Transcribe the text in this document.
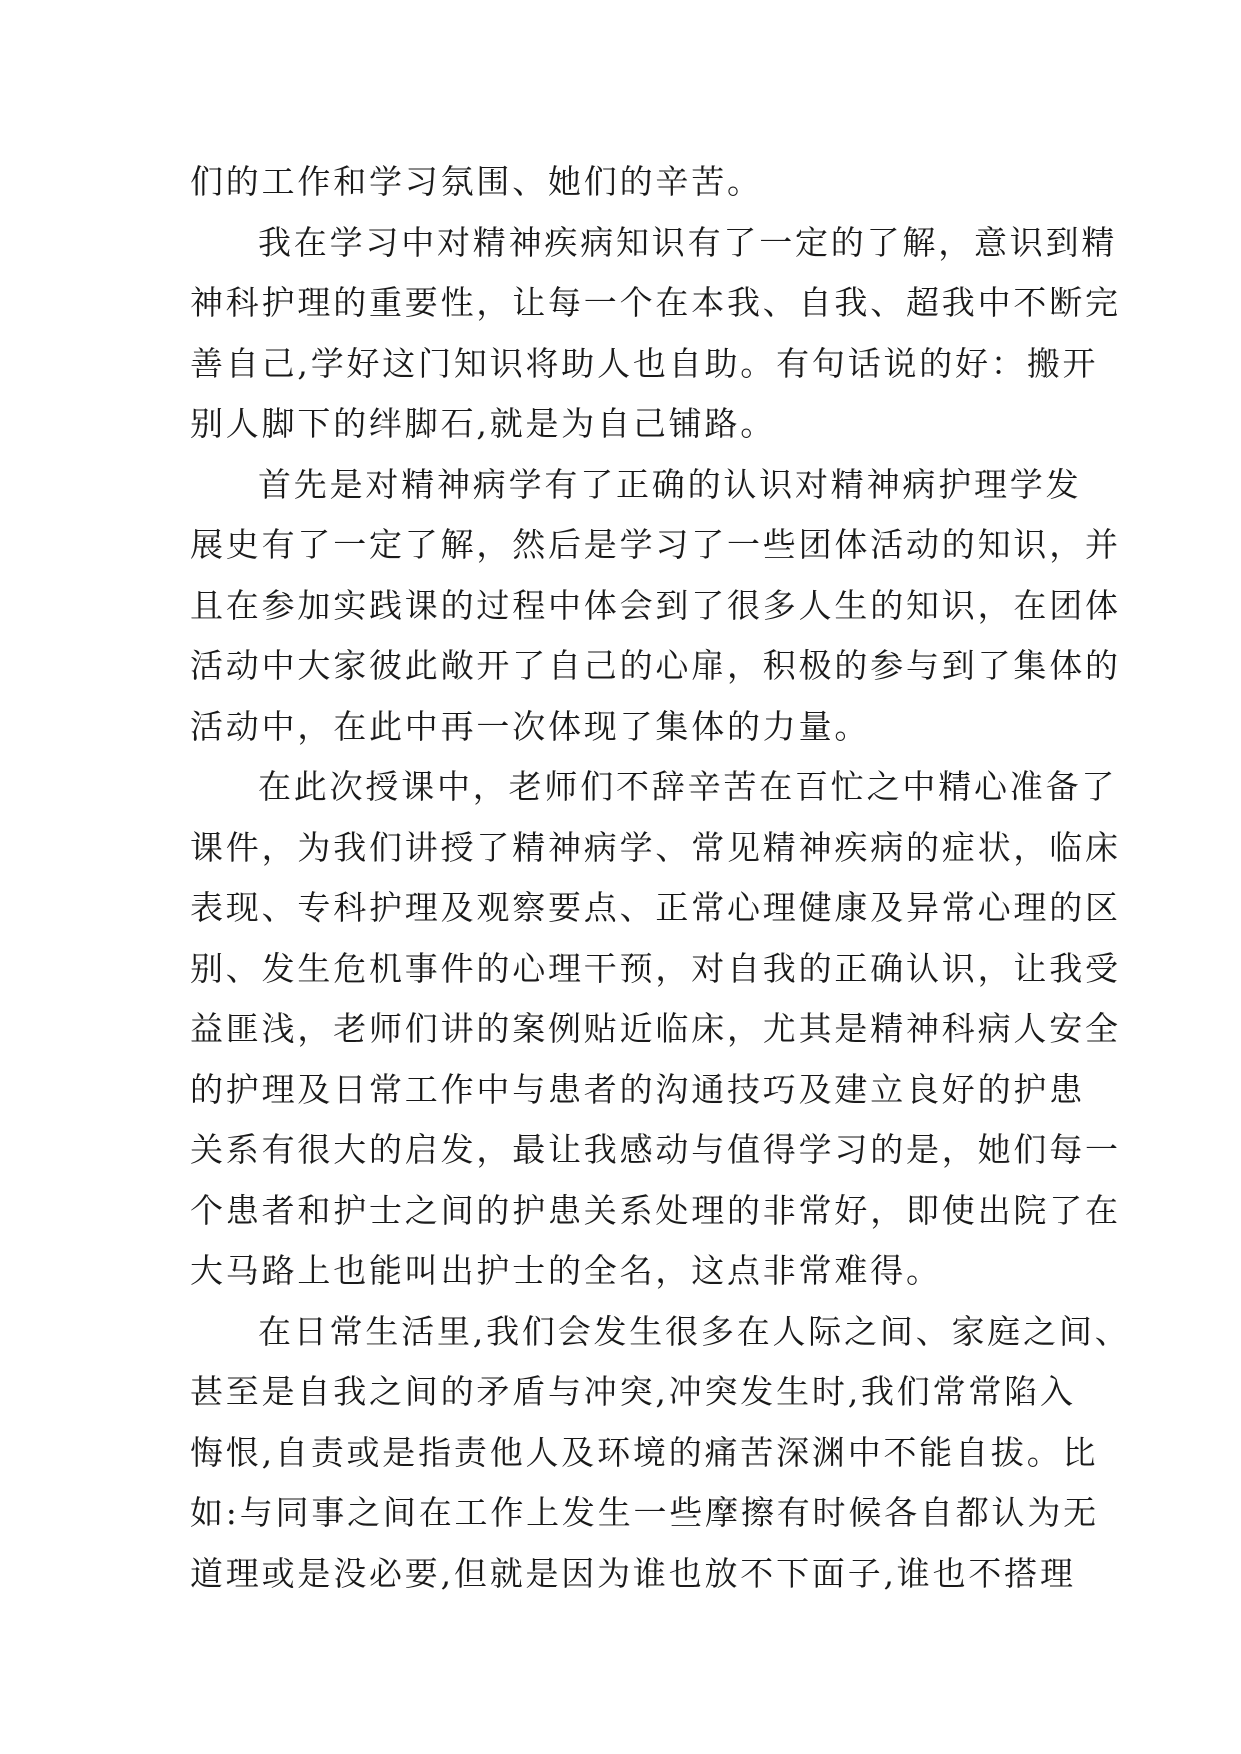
们的工作和学习氛围、她们的辛苦。
我在学习中对精神疾病知识有了一定的了解，意识到精
神科护理的重要性，让每一个在本我、自我、超我中不断完
善自己,学好这门知识将助人也自助。有句话说的好：搬开
别人脚下的绊脚石,就是为自己铺路。
首先是对精神病学有了正确的认识对精神病护理学发
展史有了一定了解，然后是学习了一些团体活动的知识，并
且在参加实践课的过程中体会到了很多人生的知识，在团体
活动中大家彼此敞开了自己的心扉，积极的参与到了集体的
活动中，在此中再一次体现了集体的力量。
在此次授课中，老师们不辞辛苦在百忙之中精心准备了
课件，为我们讲授了精神病学、常见精神疾病的症状，临床
表现、专科护理及观察要点、正常心理健康及异常心理的区
别、发生危机事件的心理干预，对自我的正确认识，让我受
益匪浅，老师们讲的案例贴近临床，尤其是精神科病人安全
的护理及日常工作中与患者的沟通技巧及建立良好的护患
关系有很大的启发，最让我感动与值得学习的是，她们每一
个患者和护士之间的护患关系处理的非常好，即使出院了在
大马路上也能叫出护士的全名，这点非常难得。
在日常生活里,我们会发生很多在人际之间、家庭之间、
甚至是自我之间的矛盾与冲突,冲突发生时,我们常常陷入
悔恨,自责或是指责他人及环境的痛苦深渊中不能自拔。比
如:与同事之间在工作上发生一些摩擦有时候各自都认为无
道理或是没必要,但就是因为谁也放不下面子,谁也不搭理
